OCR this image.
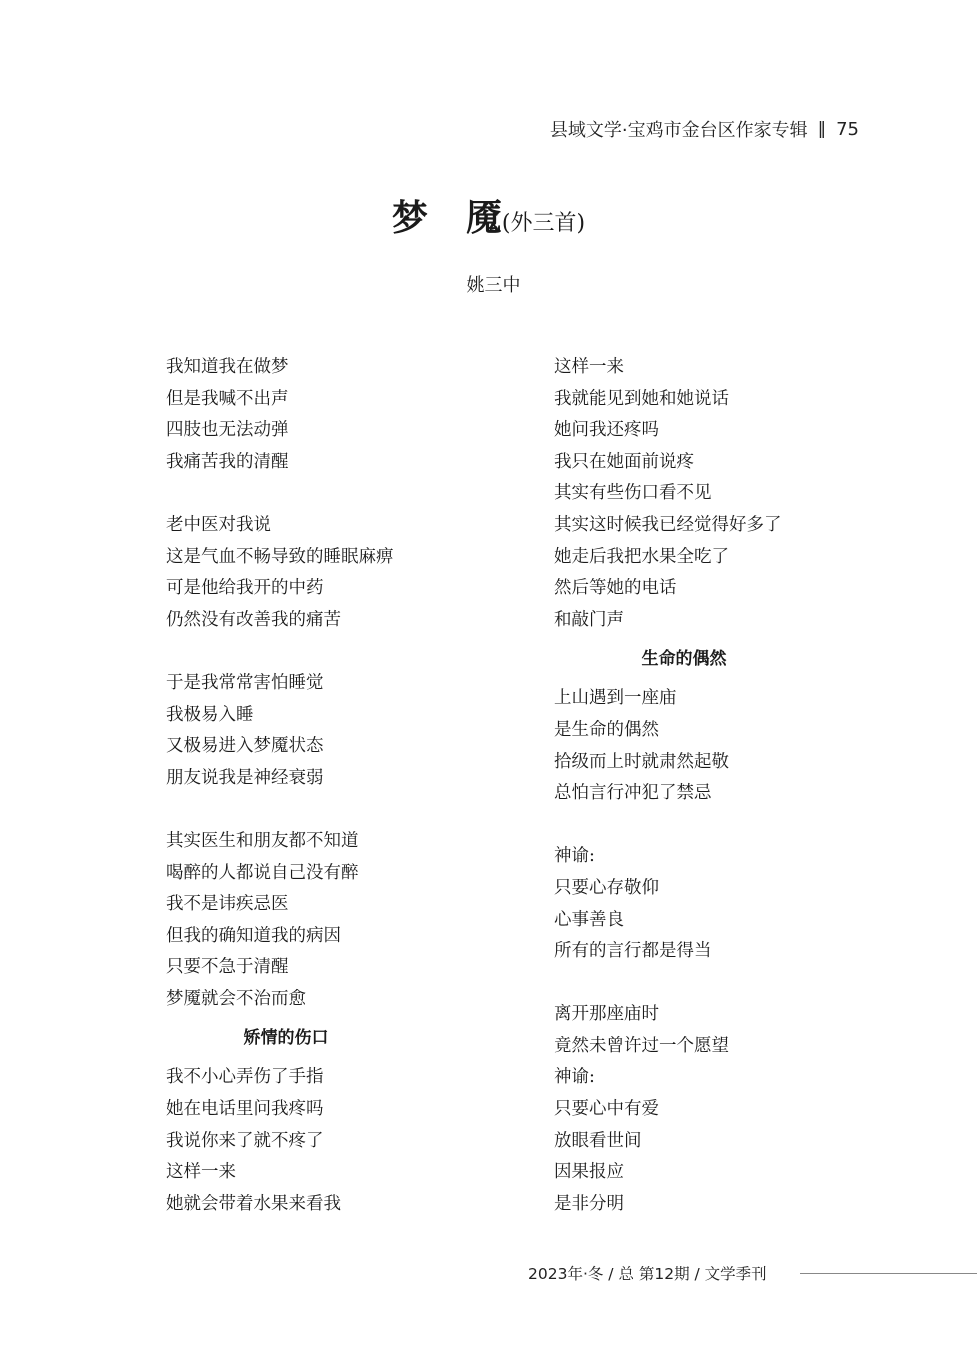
县域文学·宝鸡市金台区作家专辑 ‖ 75
梦 魇(外三首)
姚三中
我知道我在做梦
但是我喊不出声
四肢也无法动弹
我痛苦我的清醒
老中医对我说
这是气血不畅导致的睡眠麻痹
可是他给我开的中药
仍然没有改善我的痛苦
于是我常常害怕睡觉
我极易入睡
又极易进入梦魇状态
朋友说我是神经衰弱
其实医生和朋友都不知道
喝醉的人都说自己没有醉
我不是讳疾忌医
但我的确知道我的病因
只要不急于清醒
梦魇就会不治而愈
矫情的伤口
我不小心弄伤了手指
她在电话里问我疼吗
我说你来了就不疼了
这样一来
她就会带着水果来看我
这样一来
我就能见到她和她说话
她问我还疼吗
我只在她面前说疼
其实有些伤口看不见
其实这时候我已经觉得好多了
她走后我把水果全吃了
然后等她的电话
和敲门声
生命的偶然
上山遇到一座庙
是生命的偶然
拾级而上时就肃然起敬
总怕言行冲犯了禁忌
神谕:
只要心存敬仰
心事善良
所有的言行都是得当
离开那座庙时
竟然未曾许过一个愿望
神谕:
只要心中有爱
放眼看世间
因果报应
是非分明
2023年·冬 / 总 第12期 / 文学季刊
